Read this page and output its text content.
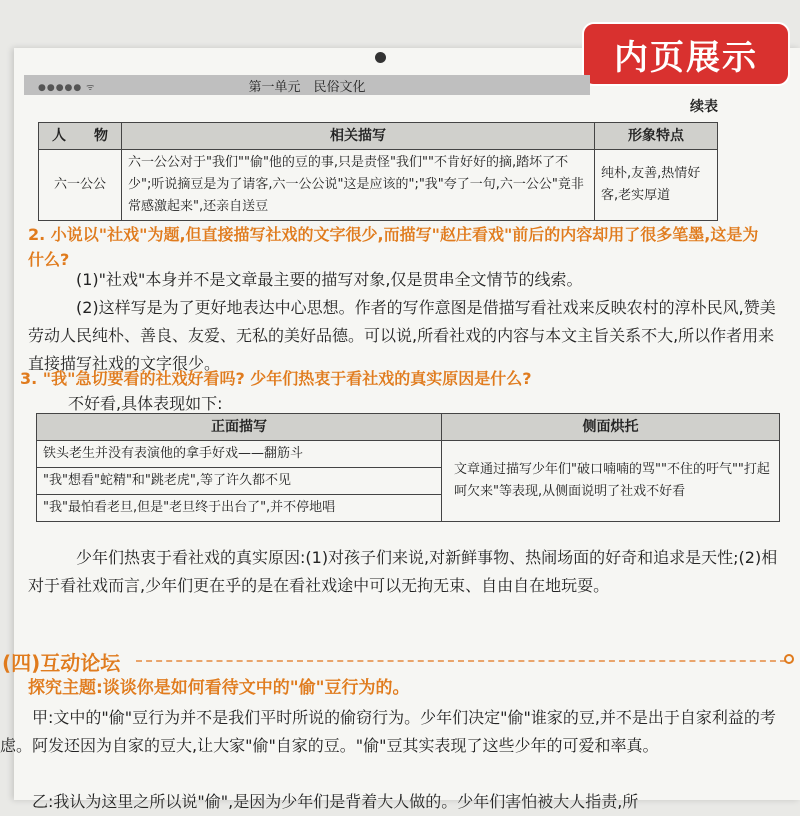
内页展示
第一单元　民俗文化
●●●●● ᯤ
续表
人　　物	相关描写	形象特点
六一公公	六一公公对于"我们""偷"他的豆的事,只是责怪"我们""不肯好好的摘,踏坏了不少";听说摘豆是为了请客,六一公公说"这是应该的";"我"夸了一句,六一公公"竟非常感激起来",还亲自送豆	纯朴,友善,热情好客,老实厚道
2. 小说以"社戏"为题,但直接描写社戏的文字很少,而描写"赵庄看戏"前后的内容却用了很多笔墨,这是为什么?
(1)"社戏"本身并不是文章最主要的描写对象,仅是贯串全文情节的线索。
(2)这样写是为了更好地表达中心思想。作者的写作意图是借描写看社戏来反映农村的淳朴民风,赞美劳动人民纯朴、善良、友爱、无私的美好品德。可以说,所看社戏的内容与本文主旨关系不大,所以作者用来直接描写社戏的文字很少。
3. "我"急切要看的社戏好看吗? 少年们热衷于看社戏的真实原因是什么?
不好看,具体表现如下:
正面描写	侧面烘托
铁头老生并没有表演他的拿手好戏——翻筋斗	文章通过描写少年们"破口喃喃的骂""不住的吁气""打起呵欠来"等表现,从侧面说明了社戏不好看
"我"想看"蛇精"和"跳老虎",等了许久都不见	
"我"最怕看老旦,但是"老旦终于出台了",并不停地唱	
少年们热衷于看社戏的真实原因:(1)对孩子们来说,对新鲜事物、热闹场面的好奇和追求是天性;(2)相对于看社戏而言,少年们更在乎的是在看社戏途中可以无拘无束、自由自在地玩耍。
(四)互动论坛
探究主题:谈谈你是如何看待文中的"偷"豆行为的。
甲:文中的"偷"豆行为并不是我们平时所说的偷窃行为。少年们决定"偷"谁家的豆,并不是出于自家利益的考虑。阿发还因为自家的豆大,让大家"偷"自家的豆。"偷"豆其实表现了这些少年的可爱和率真。
乙:我认为这里之所以说"偷",是因为少年们是背着大人做的。少年们害怕被大人指责,所
